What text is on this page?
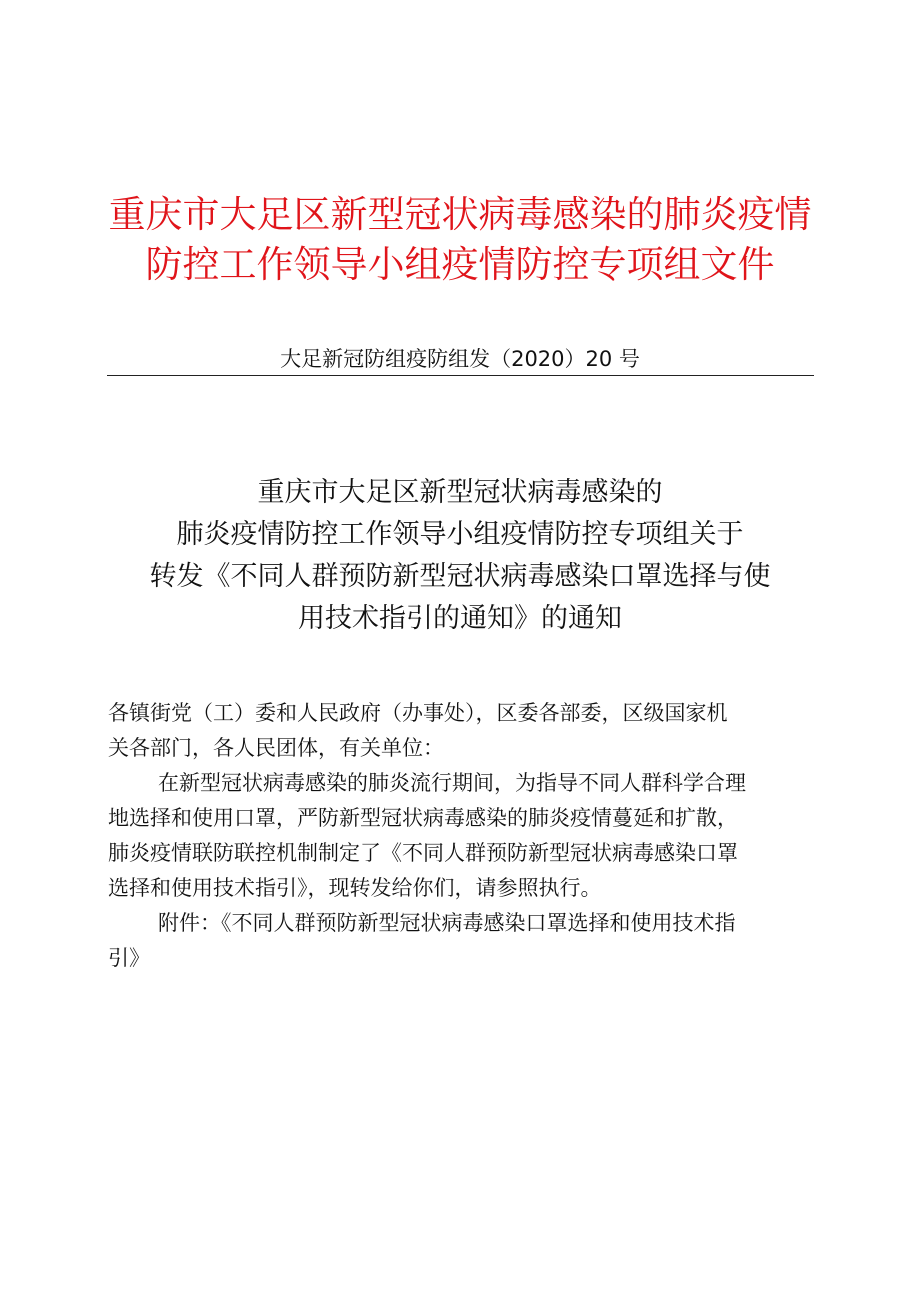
重庆市大足区新型冠状病毒感染的肺炎疫情
防控工作领导小组疫情防控专项组文件
大足新冠防组疫防组发（2020）20 号
重庆市大足区新型冠状病毒感染的
肺炎疫情防控工作领导小组疫情防控专项组关于
转发《不同人群预防新型冠状病毒感染口罩选择与使
用技术指引的通知》的通知
各镇街党（工）委和人民政府（办事处），区委各部委，区级国家机
关各部门，各人民团体，有关单位：
在新型冠状病毒感染的肺炎流行期间，为指导不同人群科学合理
地选择和使用口罩，严防新型冠状病毒感染的肺炎疫情蔓延和扩散，
肺炎疫情联防联控机制制定了《不同人群预防新型冠状病毒感染口罩
选择和使用技术指引》，现转发给你们，请参照执行。
附件：《不同人群预防新型冠状病毒感染口罩选择和使用技术指
引》
